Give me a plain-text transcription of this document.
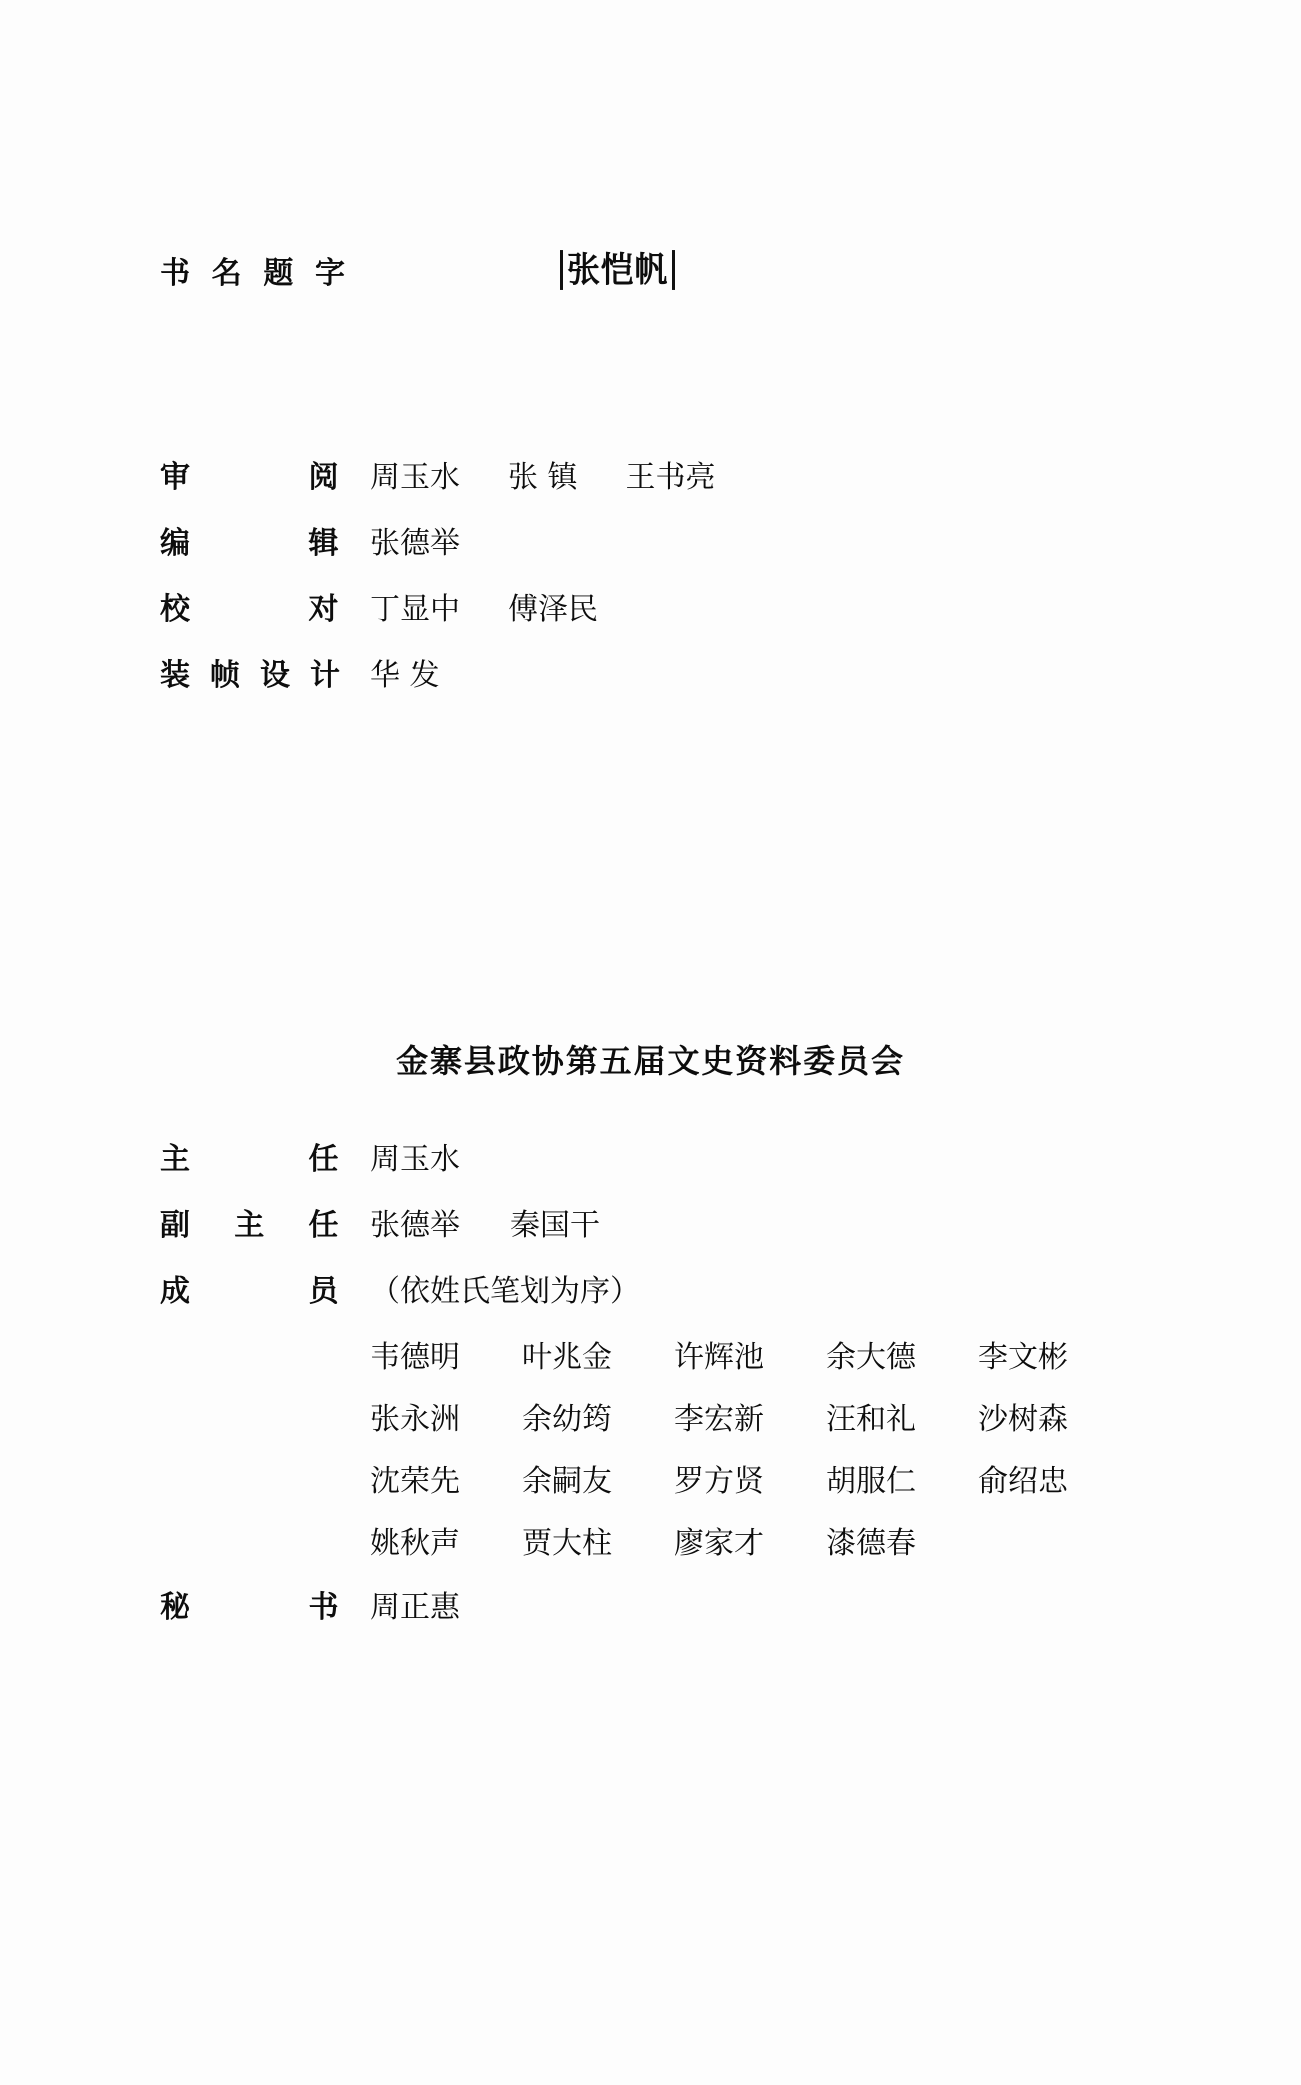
书 名 题 字	张恺帆
审	阅 周玉水 张 镇 王书亮
编	辑 张德举
校	对 丁显中 傅泽民
装 帧 设 计 华 发
金寨县政协第五届文史资料委员会
主	任 周玉水
副 主 任 张德举 秦国干
成	员 （依姓氏笔划为序）
韦德明	叶兆金	许辉池	余大德	李文彬
张永洲	余幼筠	李宏新	汪和礼	沙树森
沈荣先	余嗣友	罗方贤	胡服仁	俞绍忠
姚秋声	贾大柱	廖家才	漆德春
秘	书 周正惠
